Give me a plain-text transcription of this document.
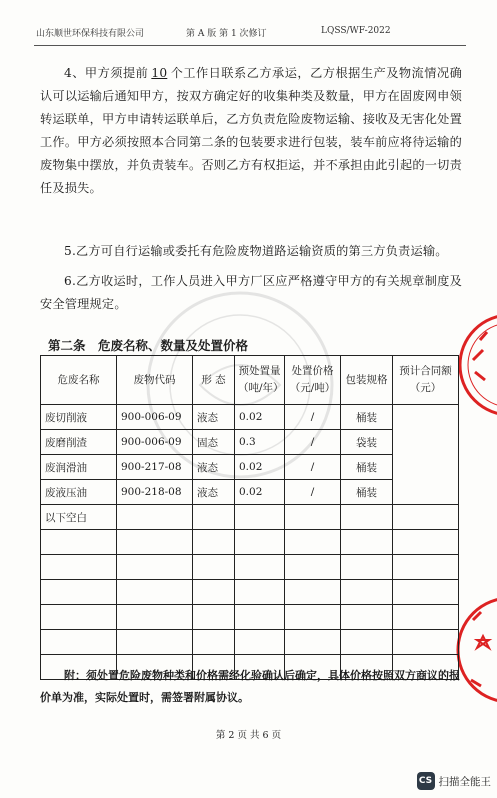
山东顺世环保科技有限公司	第 A 版 第 1 次修订	LQSS/WF-2022
4、甲方须提前 10 个工作日联系乙方承运，乙方根据生产及物流情况确认可以运输后通知甲方，按双方确定好的收集种类及数量，甲方在固废网申领转运联单，甲方申请转运联单后，乙方负责危险废物运输、接收及无害化处置工作。甲方必须按照本合同第二条的包装要求进行包装，装车前应将待运输的废物集中摆放，并负责装车。否则乙方有权拒运，并不承担由此引起的一切责任及损失。
5.乙方可自行运输或委托有危险废物道路运输资质的第三方负责运输。
6.乙方收运时，工作人员进入甲方厂区应严格遵守甲方的有关规章制度及安全管理规定。
第二条　危废名称、数量及处置价格
危废名称	废物代码	形 态	预处置量（吨/年）	处置价格（元/吨）	包装规格	预计合同额（元）
废切削液	900-006-09	液态	0.02	/	桶装	
废磨削渣	900-006-09	固态	0.3	/	袋装	
废润滑油	900-217-08	液态	0.02	/	桶装	
废液压油	900-218-08	液态	0.02	/	桶装	
以下空白						

附：须处置危险废物种类和价格需经化验确认后确定，具体价格按照双方商议的报价单为准，实际处置时，需签署附属协议。
第 2 页 共 6 页
CS 扫描全能王
